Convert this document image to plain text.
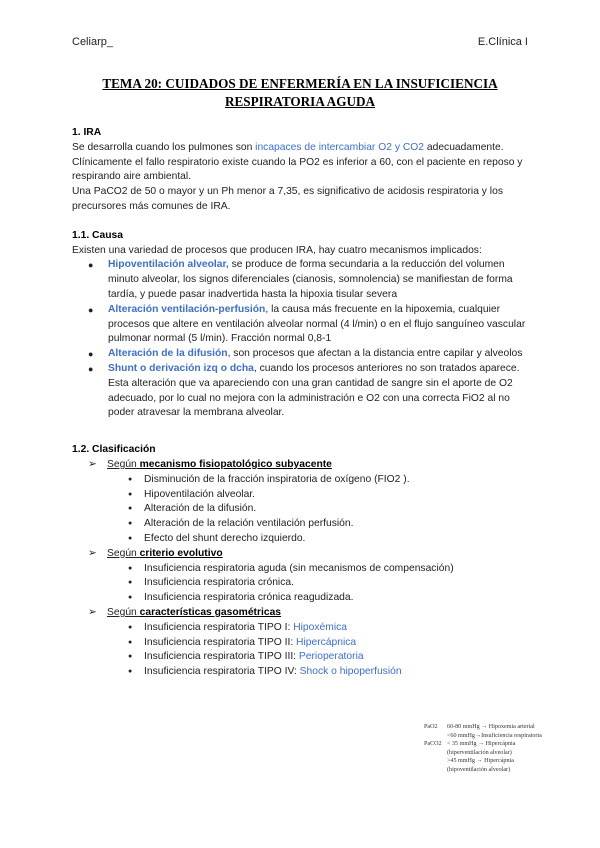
Celiarp_	E.Clínica I
TEMA 20: CUIDADOS DE ENFERMERÍA EN LA INSUFICIENCIA
RESPIRATORIA AGUDA
1. IRA

Se desarrolla cuando los pulmones son incapaces de intercambiar O2 y CO2 adecuadamente. Clínicamente el fallo respiratorio existe cuando la PO2 es inferior a 60, con el paciente en reposo y respirando aire ambiental.

Una PaCO2 de 50 o mayor y un Ph menor a 7,35, es significativo de acidosis respiratoria y los precursores más comunes de IRA.

1.1. Causa

Existen una variedad de procesos que producen IRA, hay cuatro mecanismos implicados:

● Hipoventilación alveolar, se produce de forma secundaria a la reducción del volumen minuto alveolar, los signos diferenciales (cianosis, somnolencia) se manifiestan de forma tardía, y puede pasar inadvertida hasta la hipoxia tisular severa
● Alteración ventilación-perfusión, la causa más frecuente en la hipoxemia, cualquier procesos que altere en ventilación alveolar normal (4 l/min) o en el flujo sanguíneo vascular pulmonar normal (5 l/min). Fracción normal 0,8-1
● Alteración de la difusión, son procesos que afectan a la distancia entre capilar y alveolos
● Shunt o derivación izq o dcha, cuando los procesos anteriores no son tratados aparece. Esta alteración que va apareciendo con una gran cantidad de sangre sin el aporte de O2 adecuado, por lo cual no mejora con la administración e O2 con una correcta FiO2 al no poder atravesar la membrana alveolar.
1.2. Clasificación
➢ Según mecanismo fisiopatológico subyacente
● Disminución de la fracción inspiratoria de oxígeno (FIO2 ).
● Hipoventilación alveolar.
● Alteración de la difusión.
● Alteración de la relación ventilación perfusión.
● Efecto del shunt derecho izquierdo.
➢ Según criterio evolutivo
● Insuficiencia respiratoria aguda (sin mecanismos de compensación)
● Insuficiencia respiratoria crónica.
● Insuficiencia respiratoria crónica reagudizada.
➢ Según características gasométricas
● Insuficiencia respiratoria TIPO I: Hipoxémica
● Insuficiencia respiratoria TIPO II: Hipercápnica
● Insuficiencia respiratoria TIPO III: Perioperatoria
● Insuficiencia respiratoria TIPO IV: Shock o hipoperfusión
PaO2 60-80 mmHg → Hipoxemia arterial
<60 mmHg→Insuficiencia respiratoria
PaCO2 < 35 mmHg → Hipercápnia
(hiperventilación alveolar)
>45 mmHg → Hipercápnia
(hipoventilación alveolar)
